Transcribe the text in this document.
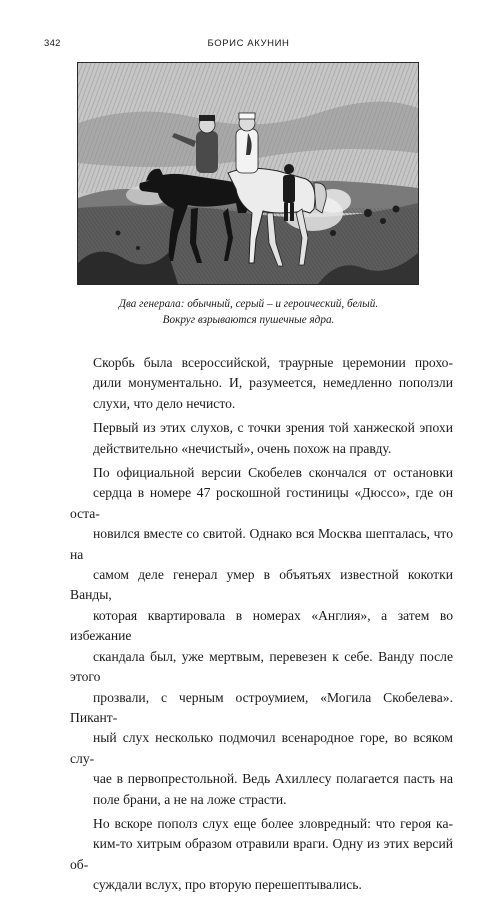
342	БОРИС АКУНИН
Два генерала: обычный, серый – и героический, белый.
Вокруг взрываются пушечные ядра.

Скорбь была всероссийской, траурные церемонии прохо-
дили монументально. И, разумеется, немедленно поползли
слухи, что дело нечисто.

Первый из этих слухов, с точки зрения той ханжеской эпохи
действительно «нечистый», очень похож на правду.

По официальной версии Скобелев скончался от остановки
сердца в номере 47 роскошной гостиницы «Дюссо», где он оста-
новился вместе со свитой. Однако вся Москва шепталась, что на
самом деле генерал умер в объятьях известной кокотки Ванды,
которая квартировала в номерах «Англия», а затем во избежание
скандала был, уже мертвым, перевезен к себе. Ванду после этого
прозвали, с черным остроумием, «Могила Скобелева». Пикант-
ный слух несколько подмочил всенародное горе, во всяком слу-
чае в первопрестольной. Ведь Ахиллесу полагается пасть на
поле брани, а не на ложе страсти.

Но вскоре пополз слух еще более зловредный: что героя ка-
ким-то хитрым образом отравили враги. Одну из этих версий об-
суждали вслух, про вторую перешептывались.
